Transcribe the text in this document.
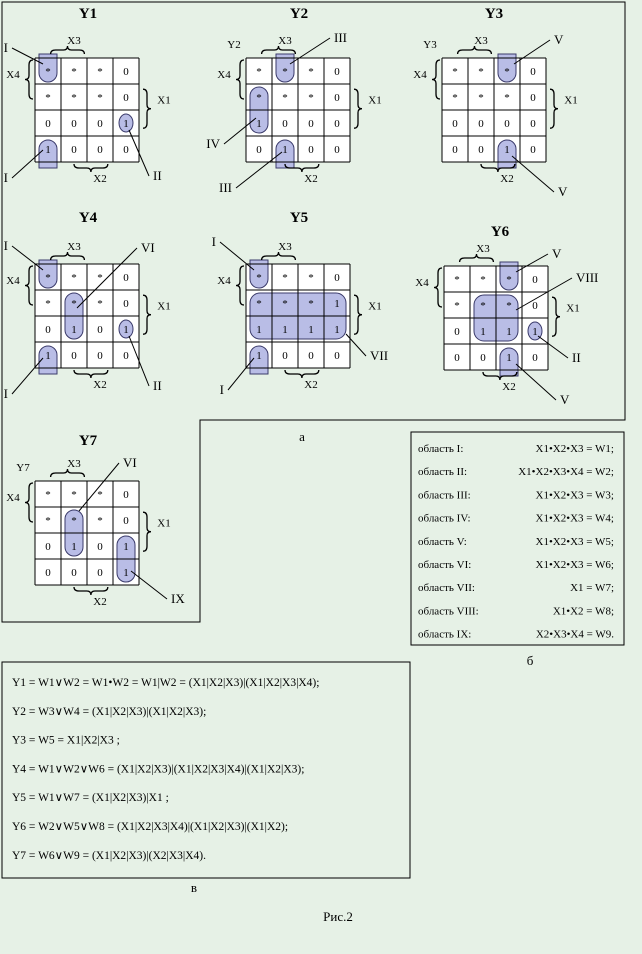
* * * 0
* * * 0
0 0 0 1
1 0 0 0
Y1
X3
X4
X1
X2
I
I	II
* * * 0
* * * 0
1 0 0 0
0 1 0 0
Y2
Y2	X3
X4
X1
X2
III
IV
III
* * * 0
* * * 0
0 0 0 0
0 0 1 0
Y3
Y3	X3
X4
X1
X2
V
V
* * * 0
* * * 0
0 1 0 1
1 0 0 0
Y4
X3
X4
X1
X2
I	VI
I
II
* * * 0
* * * 1
1 1 1 1
1 0 0 0
Y5
X3
X4
X1
X2
I
VII
I
* * * 0
* * * 0
0 1 1 1
0 0 1 0
Y6
X3
X4
X1
X2
V
VIII
II
V
* * * 0
* * * 0
0 1 0 1
0 0 0 1
Y7
Y7	X3
X4
X1
X2
VI
IX
а
б
в
Рис.2
область I:	X1•X2•X3 = W1;
область II:	X1•X2•X3•X4 = W2;
область III:	X1•X2•X3 = W3;
область IV:	X1•X2•X3 = W4;
область V:	X1•X2•X3 = W5;
область VI:	X1•X2•X3 = W6;
область VII:	X1 = W7;
область VIII:	X1•X2 = W8;
область IX:	X2•X3•X4 = W9.
Y1 = W1∨W2 = W1•W2 = W1|W2 = (X1|X2|X3)|(X1|X2|X3|X4);
Y2 = W3∨W4 = (X1|X2|X3)|(X1|X2|X3);
Y3 = W5 = X1|X2|X3 ;
Y4 = W1∨W2∨W6 = (X1|X2|X3)|(X1|X2|X3|X4)|(X1|X2|X3);
Y5 = W1∨W7 = (X1|X2|X3)|X1 ;
Y6 = W2∨W5∨W8 = (X1|X2|X3|X4)|(X1|X2|X3)|(X1|X2);
Y7 = W6∨W9 = (X1|X2|X3)|(X2|X3|X4).
